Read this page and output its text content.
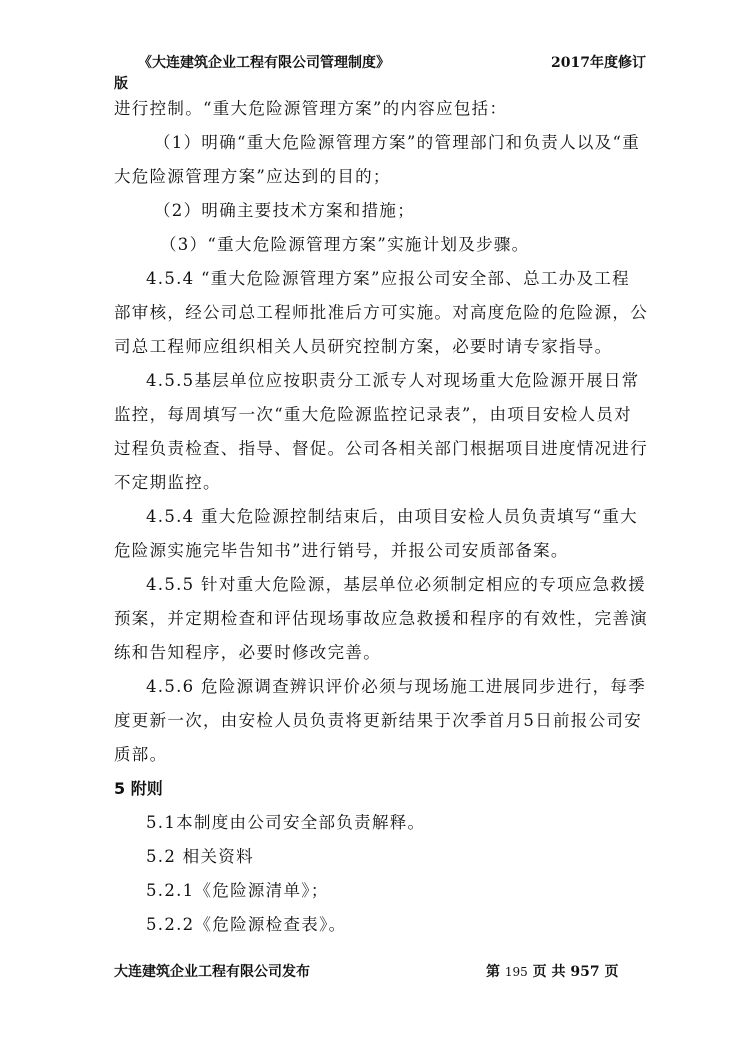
《大连建筑企业工程有限公司管理制度》	2017年度修订
版

进行控制。“重大危险源管理方案”的内容应包括：

（1）明确“重大危险源管理方案”的管理部门和负责人以及“重

大危险源管理方案”应达到的目的；

（2）明确主要技术方案和措施；

（3）“重大危险源管理方案”实施计划及步骤。

4.5.4 “重大危险源管理方案”应报公司安全部、总工办及工程

部审核，经公司总工程师批准后方可实施。对高度危险的危险源，公

司总工程师应组织相关人员研究控制方案，必要时请专家指导。

4.5.5基层单位应按职责分工派专人对现场重大危险源开展日常

监控，每周填写一次“重大危险源监控记录表”，由项目安检人员对

过程负责检查、指导、督促。公司各相关部门根据项目进度情况进行

不定期监控。

4.5.4 重大危险源控制结束后，由项目安检人员负责填写“重大

危险源实施完毕告知书”进行销号，并报公司安质部备案。

4.5.5 针对重大危险源，基层单位必须制定相应的专项应急救援

预案，并定期检查和评估现场事故应急救援和程序的有效性，完善演

练和告知程序，必要时修改完善。

4.5.6 危险源调查辨识评价必须与现场施工进展同步进行，每季

度更新一次，由安检人员负责将更新结果于次季首月5日前报公司安

质部。

5 附则

5.1本制度由公司安全部负责解释。

5.2 相关资料

5.2.1《危险源清单》；

5.2.2《危险源检查表》。

大连建筑企业工程有限公司发布	第 195 页 共 957 页
